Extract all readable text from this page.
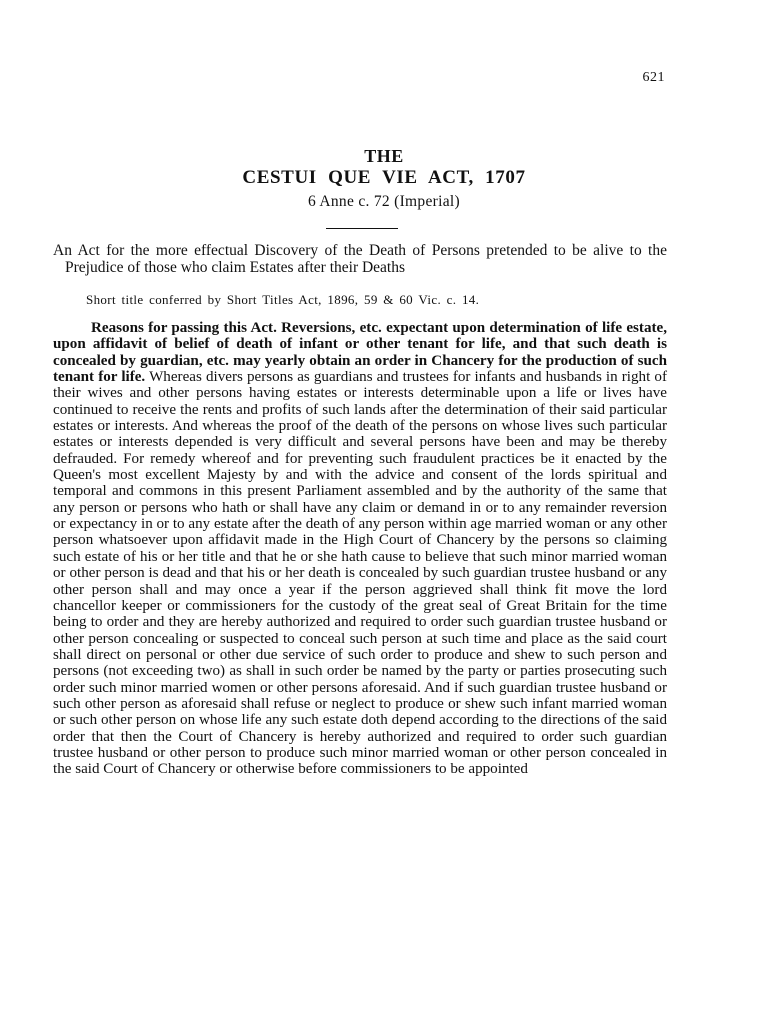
621
THE
CESTUI QUE VIE ACT, 1707
6 Anne c. 72 (Imperial)
An Act for the more effectual Discovery of the Death of Persons pretended to be alive to the Prejudice of those who claim Estates after their Deaths
Short title conferred by Short Titles Act, 1896, 59 & 60 Vic. c. 14.
Reasons for passing this Act. Reversions, etc. expectant upon determination of life estate, upon affidavit of belief of death of infant or other tenant for life, and that such death is concealed by guardian, etc. may yearly obtain an order in Chancery for the production of such tenant for life. Whereas divers persons as guardians and trustees for infants and husbands in right of their wives and other persons having estates or interests determinable upon a life or lives have continued to receive the rents and profits of such lands after the determination of their said particular estates or interests. And whereas the proof of the death of the persons on whose lives such particular estates or interests depended is very difficult and several persons have been and may be thereby defrauded. For remedy whereof and for preventing such fraudulent practices be it enacted by the Queen's most excellent Majesty by and with the advice and consent of the lords spiritual and temporal and commons in this present Parliament assembled and by the authority of the same that any person or persons who hath or shall have any claim or demand in or to any remainder reversion or expectancy in or to any estate after the death of any person within age married woman or any other person whatsoever upon affidavit made in the High Court of Chancery by the persons so claiming such estate of his or her title and that he or she hath cause to believe that such minor married woman or other person is dead and that his or her death is concealed by such guardian trustee husband or any other person shall and may once a year if the person aggrieved shall think fit move the lord chancellor keeper or commissioners for the custody of the great seal of Great Britain for the time being to order and they are hereby authorized and required to order such guardian trustee husband or other person concealing or suspected to conceal such person at such time and place as the said court shall direct on personal or other due service of such order to produce and shew to such person and persons (not exceeding two) as shall in such order be named by the party or parties prosecuting such order such minor married women or other persons aforesaid. And if such guardian trustee husband or such other person as aforesaid shall refuse or neglect to produce or shew such infant married woman or such other person on whose life any such estate doth depend according to the directions of the said order that then the Court of Chancery is hereby authorized and required to order such guardian trustee husband or other person to produce such minor married woman or other person concealed in the said Court of Chancery or otherwise before commissioners to be appointed
